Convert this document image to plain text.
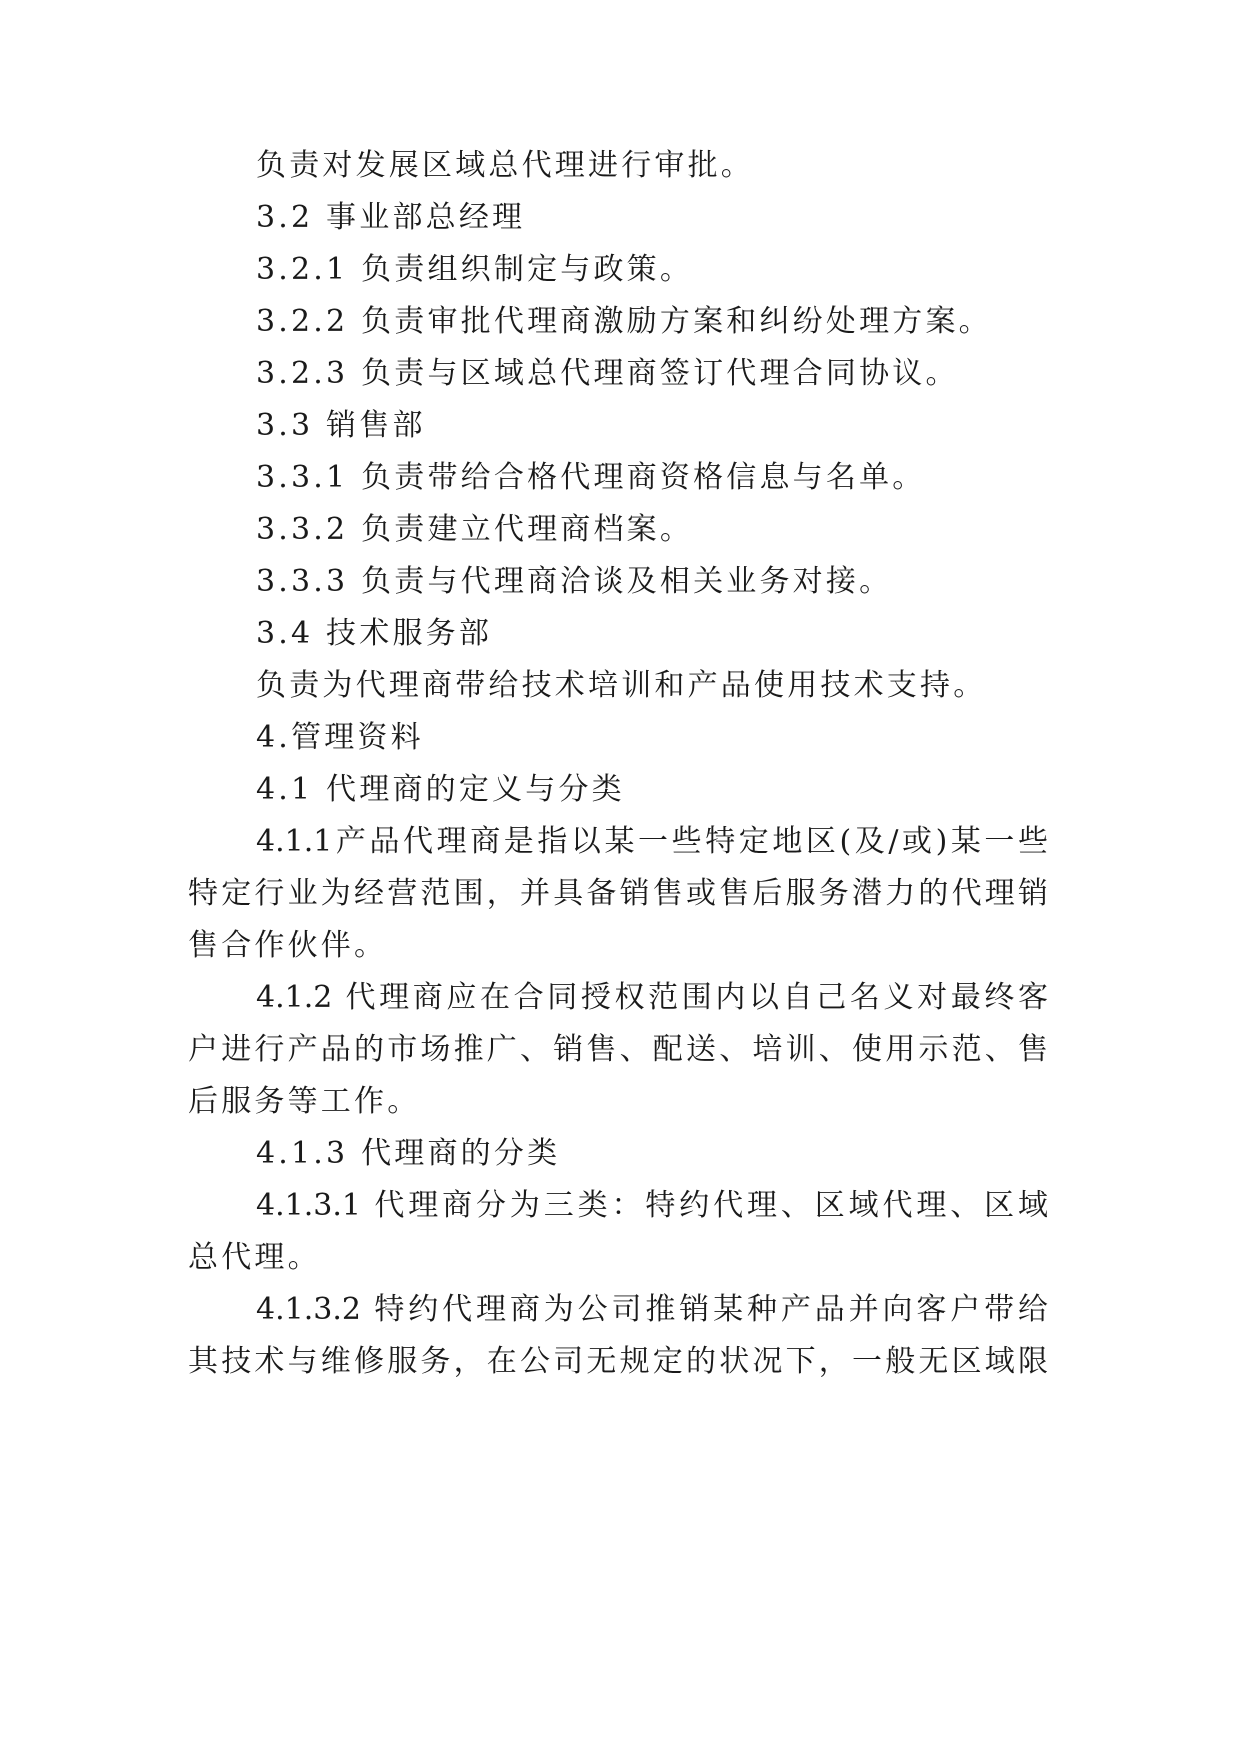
负责对发展区域总代理进行审批。
3.2 事业部总经理
3.2.1 负责组织制定与政策。
3.2.2 负责审批代理商激励方案和纠纷处理方案。
3.2.3 负责与区域总代理商签订代理合同协议。
3.3 销售部
3.3.1 负责带给合格代理商资格信息与名单。
3.3.2 负责建立代理商档案。
3.3.3 负责与代理商洽谈及相关业务对接。
3.4 技术服务部
负责为代理商带给技术培训和产品使用技术支持。
4.管理资料
4.1 代理商的定义与分类
4.1.1产品代理商是指以某一些特定地区(及/或)某一些
特定行业为经营范围，并具备销售或售后服务潜力的代理销
售合作伙伴。
4.1.2 代理商应在合同授权范围内以自己名义对最终客
户进行产品的市场推广、销售、配送、培训、使用示范、售
后服务等工作。
4.1.3 代理商的分类
4.1.3.1 代理商分为三类：特约代理、区域代理、区域
总代理。
4.1.3.2 特约代理商为公司推销某种产品并向客户带给
其技术与维修服务，在公司无规定的状况下，一般无区域限
